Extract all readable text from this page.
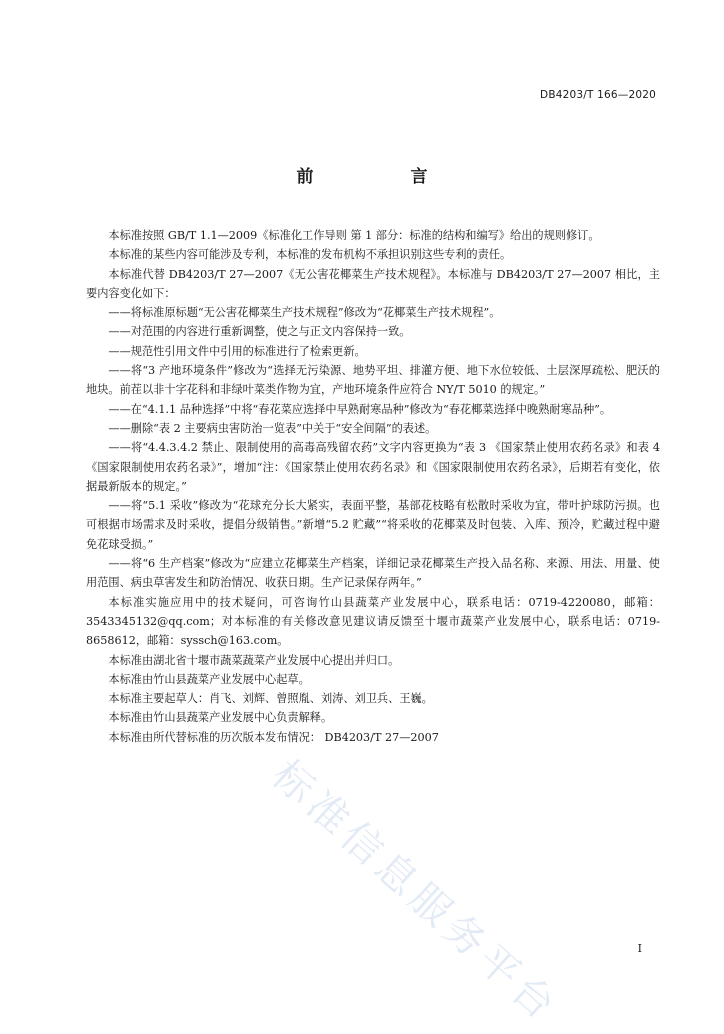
DB4203/T 166—2020
前　言

本标准按照 GB/T 1.1—2009《标准化工作导则 第 1 部分：标准的结构和编写》给出的规则修订。

本标准的某些内容可能涉及专利，本标准的发布机构不承担识别这些专利的责任。

本标准代替 DB4203/T 27—2007《无公害花椰菜生产技术规程》。本标准与 DB4203/T 27—2007 相比，主要内容变化如下：

——将标准原标题“无公害花椰菜生产技术规程”修改为“花椰菜生产技术规程”。

——对范围的内容进行重新调整，使之与正文内容保持一致。

——规范性引用文件中引用的标准进行了检索更新。

——将“3 产地环境条件”修改为“选择无污染源、地势平坦、排灌方便、地下水位较低、土层深厚疏松、肥沃的地块。前茬以非十字花科和非绿叶菜类作物为宜，产地环境条件应符合 NY/T 5010 的规定。”

——在“4.1.1 品种选择”中将“春花菜应选择中早熟耐寒品种”修改为“春花椰菜选择中晚熟耐寒品种”。

——删除“表 2 主要病虫害防治一览表”中关于“安全间隔”的表述。

——将“4.4.3.4.2 禁止、限制使用的高毒高残留农药”文字内容更换为“表 3 《国家禁止使用农药名录》和表 4 《国家限制使用农药名录》”，增加“注：《国家禁止使用农药名录》和《国家限制使用农药名录》，后期若有变化，依据最新版本的规定。”

——将“5.1 采收”修改为“花球充分长大紧实，表面平整，基部花枝略有松散时采收为宜，带叶护球防污损。也可根据市场需求及时采收，提倡分级销售。”新增“5.2 贮藏”“将采收的花椰菜及时包装、入库、预冷，贮藏过程中避免花球受损。”

——将“6 生产档案”修改为“应建立花椰菜生产档案，详细记录花椰菜生产投入品名称、来源、用法、用量、使用范围、病虫草害发生和防治情况、收获日期。生产记录保存两年。”

本标准实施应用中的技术疑问，可咨询竹山县蔬菜产业发展中心，联系电话：0719-4220080，邮箱：3543345132@qq.com；对本标准的有关修改意见建议请反馈至十堰市蔬菜产业发展中心，联系电话：0719-8658612，邮箱：syssch@163.com。

本标准由湖北省十堰市蔬菜蔬菜产业发展中心提出并归口。

本标准由竹山县蔬菜产业发展中心起草。

本标准主要起草人：肖飞、刘辉、曾照胤、刘涛、刘卫兵、王巍。

本标准由竹山县蔬菜产业发展中心负责解释。

本标准由所代替标准的历次版本发布情况： DB4203/T 27—2007

标准信息服务平台	I
